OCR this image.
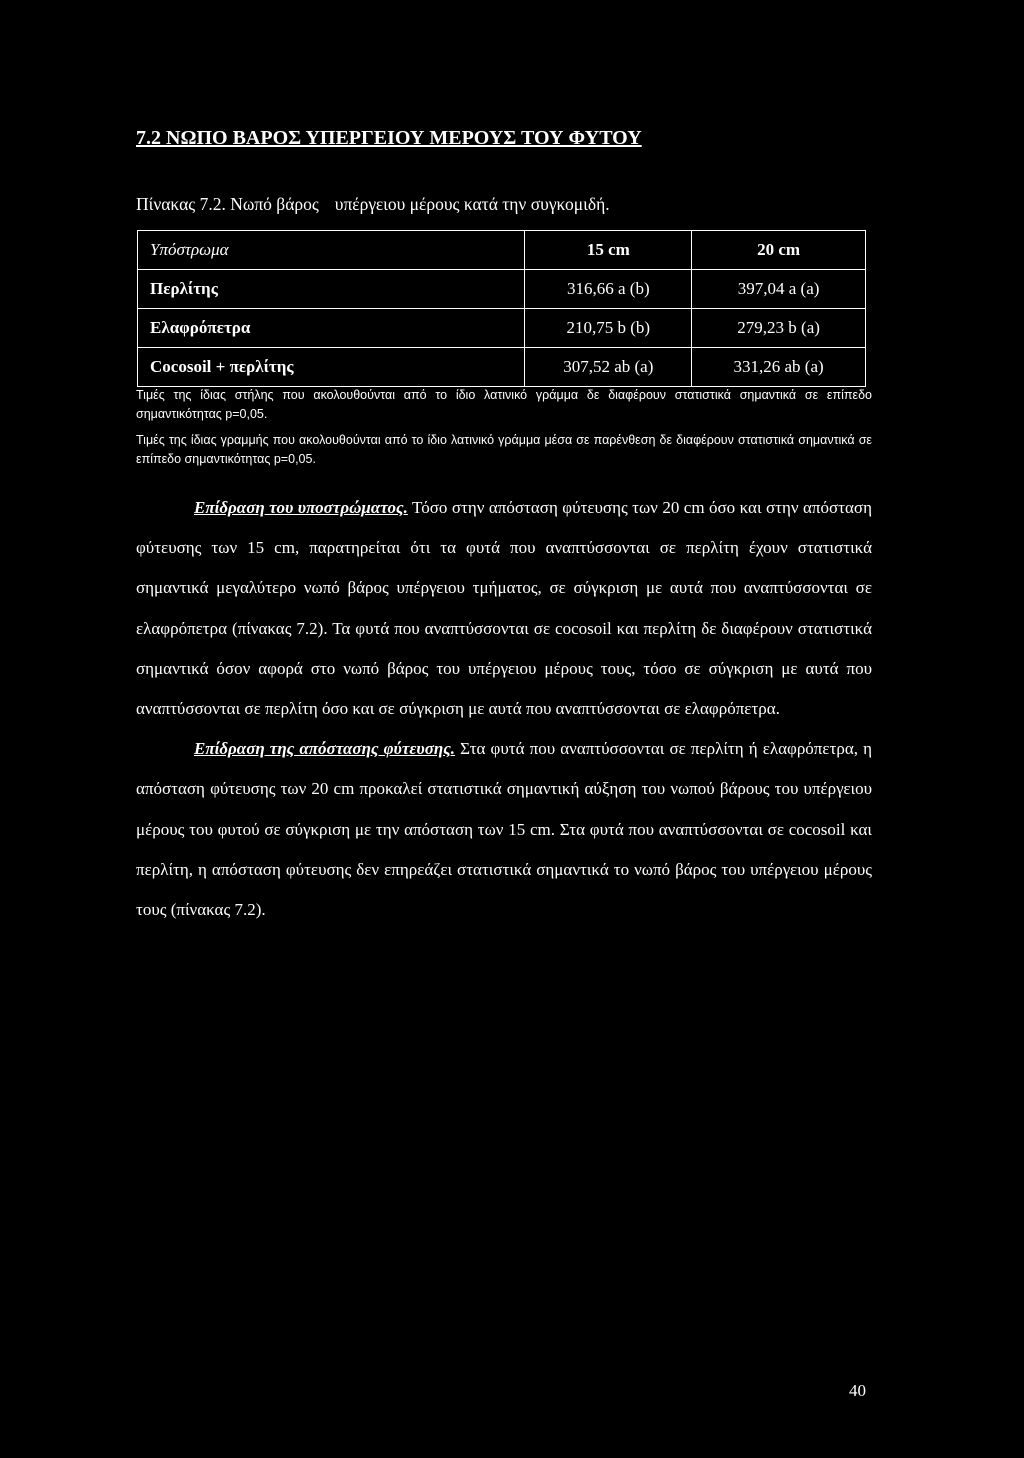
7.2 ΝΩΠΟ ΒΑΡΟΣ ΥΠΕΡΓΕΙΟΥ ΜΕΡΟΥΣ ΤΟΥ ΦΥΤΟΥ

Πίνακας 7.2. Νωπό βάρος υπέργειου μέρους κατά την συγκομιδή.

Υπόστρωμα	15 cm	20 cm
Περλίτης	316,66 a (b)	397,04 a (a)
Ελαφρόπετρα	210,75 b (b)	279,23 b (a)
Cocosoil + περλίτης	307,52 ab (a)	331,26 ab (a)

Τιμές της ίδιας στήλης που ακολουθούνται από το ίδιο λατινικό γράμμα δε διαφέρουν στατιστικά σημαντικά σε επίπεδο σημαντικότητας p=0,05.

Τιμές της ίδιας γραμμής που ακολουθούνται από το ίδιο λατινικό γράμμα μέσα σε παρένθεση δε διαφέρουν στατιστικά σημαντικά σε επίπεδο σημαντικότητας p=0,05.

Επίδραση του υποστρώματος. Τόσο στην απόσταση φύτευσης των 20 cm όσο και στην απόσταση φύτευσης των 15 cm, παρατηρείται ότι τα φυτά που αναπτύσσονται σε περλίτη έχουν στατιστικά σημαντικά μεγαλύτερο νωπό βάρος υπέργειου τμήματος, σε σύγκριση με αυτά που αναπτύσσονται σε ελαφρόπετρα (πίνακας 7.2). Τα φυτά που αναπτύσσονται σε cocosoil και περλίτη δε διαφέρουν στατιστικά σημαντικά όσον αφορά στο νωπό βάρος του υπέργειου μέρους τους, τόσο σε σύγκριση με αυτά που αναπτύσσονται σε περλίτη όσο και σε σύγκριση με αυτά που αναπτύσσονται σε ελαφρόπετρα.

Επίδραση της απόστασης φύτευσης. Στα φυτά που αναπτύσσονται σε περλίτη ή ελαφρόπετρα, η απόσταση φύτευσης των 20 cm προκαλεί στατιστικά σημαντική αύξηση του νωπού βάρους του υπέργειου μέρους του φυτού σε σύγκριση με την απόσταση των 15 cm. Στα φυτά που αναπτύσσονται σε cocosoil και περλίτη, η απόσταση φύτευσης δεν επηρεάζει στατιστικά σημαντικά το νωπό βάρος του υπέργειου μέρους τους (πίνακας 7.2).

40
